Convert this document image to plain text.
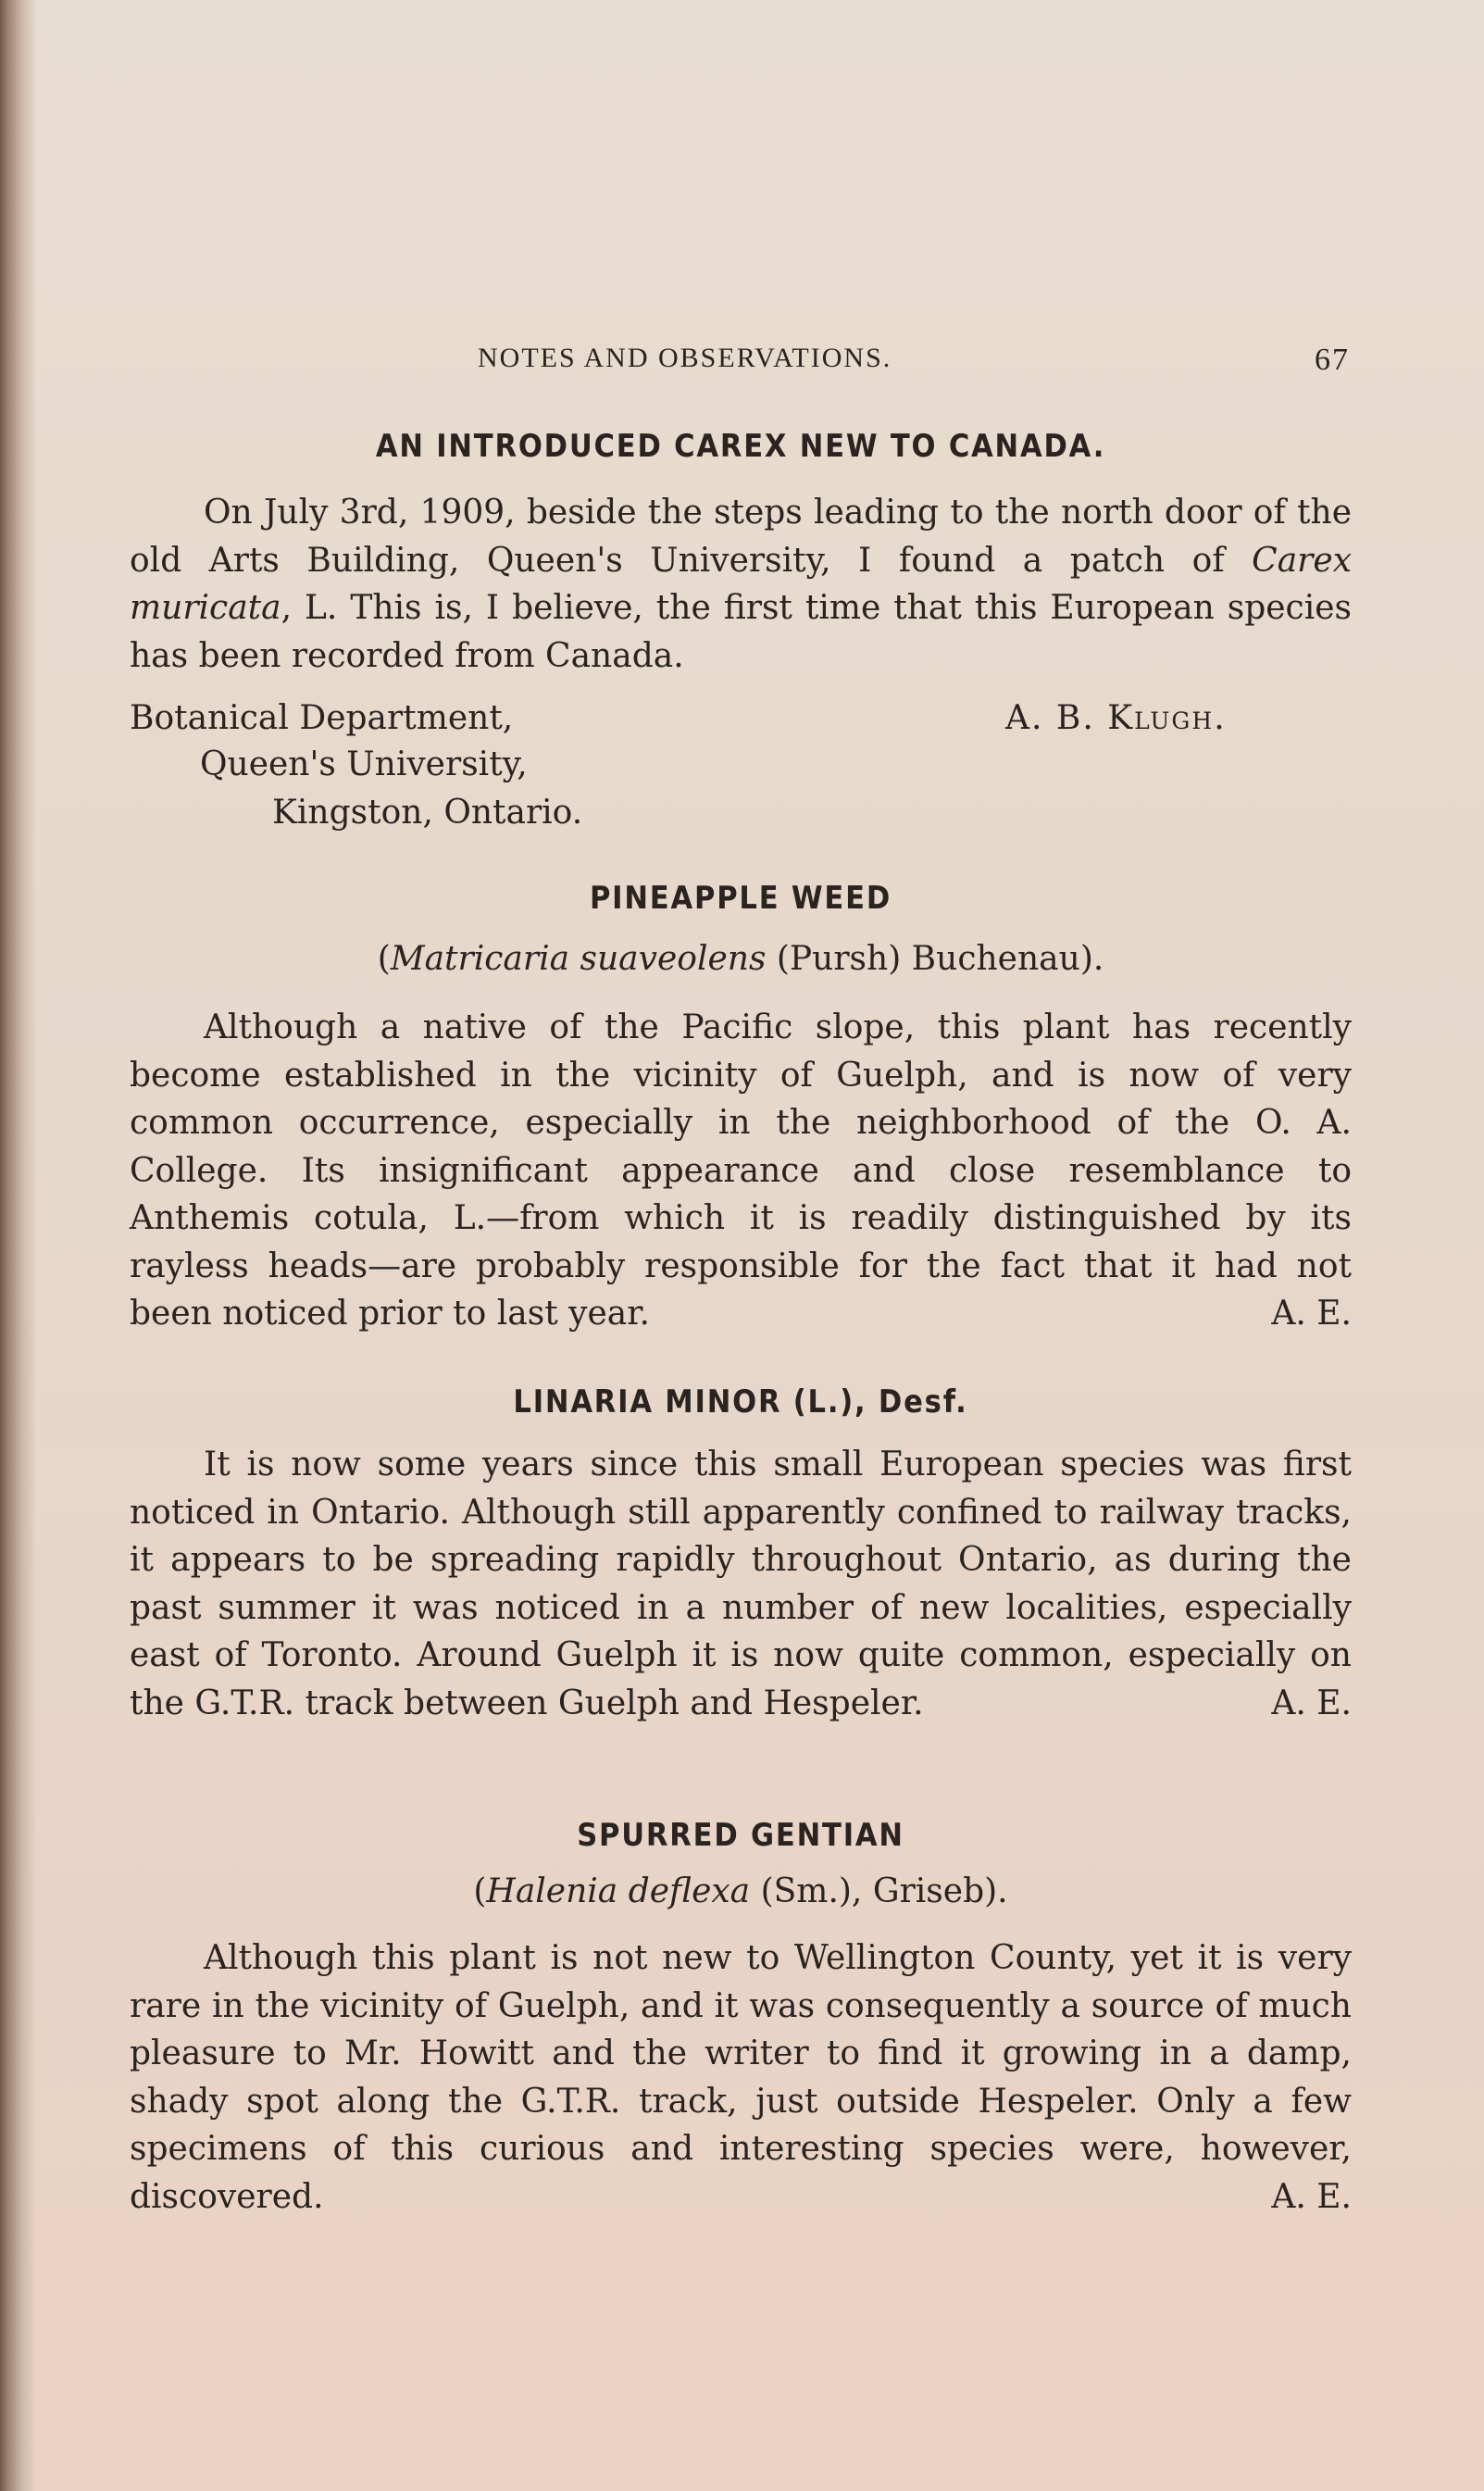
NOTES AND OBSERVATIONS.	67
AN INTRODUCED CAREX NEW TO CANADA.

On July 3rd, 1909, beside the steps leading to the north door of the old Arts Building, Queen's University, I found a patch of Carex muricata, L. This is, I believe, the first time that this European species has been recorded from Canada.

Botanical Department,

Queen's University,

Kingston, Ontario.

A. B. Klugh.

PINEAPPLE WEED

(Matricaria suaveolens (Pursh) Buchenau).

Although a native of the Pacific slope, this plant has recently become established in the vicinity of Guelph, and is now of very common occurrence, especially in the neighborhood of the O. A. College. Its insignificant appearance and close resemblance to Anthemis cotula, L.—from which it is readily distinguished by its rayless heads—are probably responsible for the fact that it had not been noticed prior to last year.	A. E.

LINARIA MINOR (L.), Desf.

It is now some years since this small European species was first noticed in Ontario. Although still apparently confined to railway tracks, it appears to be spreading rapidly throughout Ontario, as during the past summer it was noticed in a number of new localities, especially east of Toronto. Around Guelph it is now quite common, especially on the G.T.R. track between Guelph and Hespeler.	A. E.

SPURRED GENTIAN

(Halenia deflexa (Sm.), Griseb).

Although this plant is not new to Wellington County, yet it is very rare in the vicinity of Guelph, and it was consequently a source of much pleasure to Mr. Howitt and the writer to find it growing in a damp, shady spot along the G.T.R. track, just outside Hespeler. Only a few specimens of this curious and interesting species were, however, discovered.	A. E.
